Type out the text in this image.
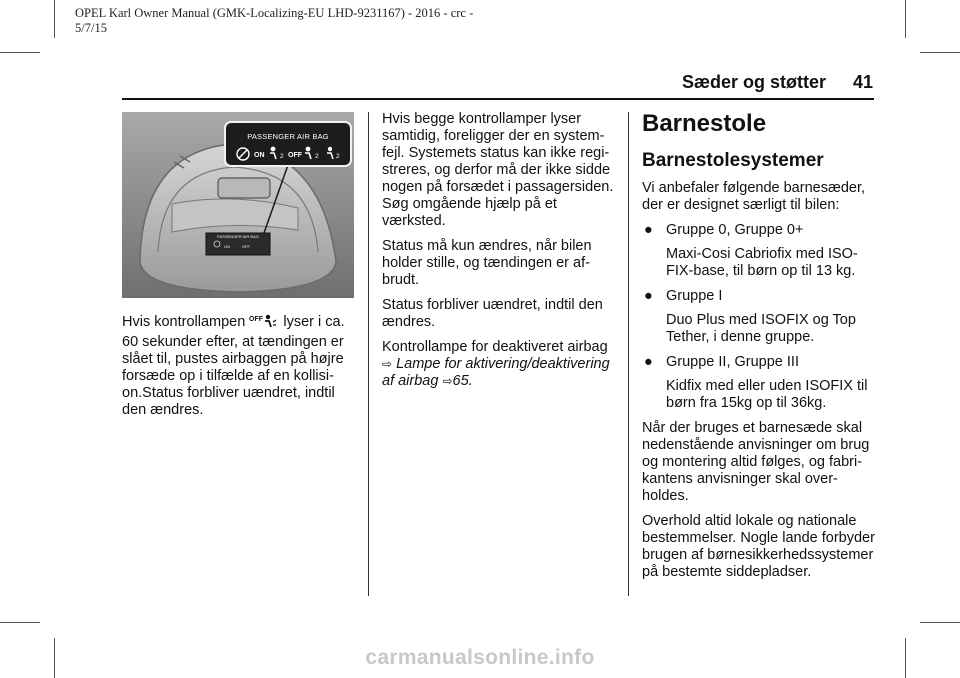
OPEL Karl Owner Manual (GMK-Localizing-EU LHD-9231167) - 2016 - crc -
5/7/15
Sæder og støtter 41
PASSENGER AIR BAG
ON 2 OFF 2	2
PASSENGER AIR BAG
ON	OFF

Hvis kontrollampen OFF lyser i ca. 60 sekunder efter, at tændingen er slået til, pustes airbaggen på højre forsæde op i tilfælde af en kollisi-on.Status forbliver uændret, indtil den ændres.

Hvis begge kontrollamper lyser samtidig, foreligger der en system-fejl. Systemets status kan ikke regi-streres, og derfor må der ikke sidde nogen på forsædet i passagersiden. Søg omgående hjælp på et værksted.

Status må kun ændres, når bilen holder stille, og tændingen er af-brudt.

Status forbliver uændret, indtil den ændres.

Kontrollampe for deaktiveret airbag
⇨ Lampe for aktivering/deaktivering af airbag ⇨65.

Barnestole
Barnestolesystemer

Vi anbefaler følgende barnesæder, der er designet særligt til bilen:

● Gruppe 0, Gruppe 0+

Maxi-Cosi Cabriofix med ISO-FIX-base, til børn op til 13 kg.

● Gruppe I

Duo Plus med ISOFIX og Top Tether, i denne gruppe.

● Gruppe II, Gruppe III

Kidfix med eller uden ISOFIX til børn fra 15kg op til 36kg.

Når der bruges et barnesæde skal nedenstående anvisninger om brug og montering altid følges, og fabri-kantens anvisninger skal over-holdes.

Overhold altid lokale og nationale bestemmelser. Nogle lande forbyder brugen af børnesikkerhedssystemer på bestemte siddepladser.

carmanualsonline.info
